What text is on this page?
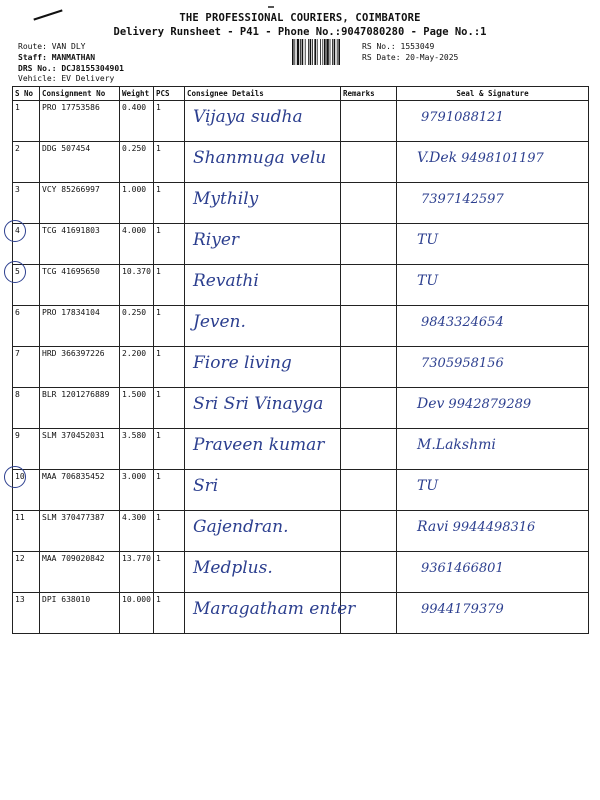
THE PROFESSIONAL COURIERS, COIMBATORE
Delivery Runsheet - P41 - Phone No.:9047080280 - Page No.:1
Route: VAN DLY
Staff: MANMATHAN
DRS No.: DCJ8155304901
Vehicle: EV Delivery
RS No.: 1553049
RS Date: 20-May-2025
S No	Consignment No	Weight	PCS	Consignee Details	Remarks	Seal & Signature
1	PRO 17753586	0.400	1	Vijaya sudha		9791088121

2	DDG 507454	0.250	1	Shanmuga velu		V.Dek 9498101197

3	VCY 85266997	1.000	1	Mythily		7397142597

4	TCG 41691803	4.000	1	Riyer		TU

5	TCG 41695650	10.370	1	Revathi		TU

6	PRO 17834104	0.250	1	Jeven.		9843324654

7	HRD 366397226	2.200	1	Fiore living		7305958156

8	BLR 1201276889	1.500	1	Sri Sri Vinayga		Dev 9942879289

9	SLM 370452031	3.580	1	Praveen kumar		M.Lakshmi

10	MAA 706835452	3.000	1	Sri		TU

11	SLM 370477387	4.300	1	Gajendran.		Ravi 9944498316

12	MAA 709020842	13.770	1	Medplus.		9361466801

13	DPI 638010	10.000	1	Maragatham enter		9944179379
